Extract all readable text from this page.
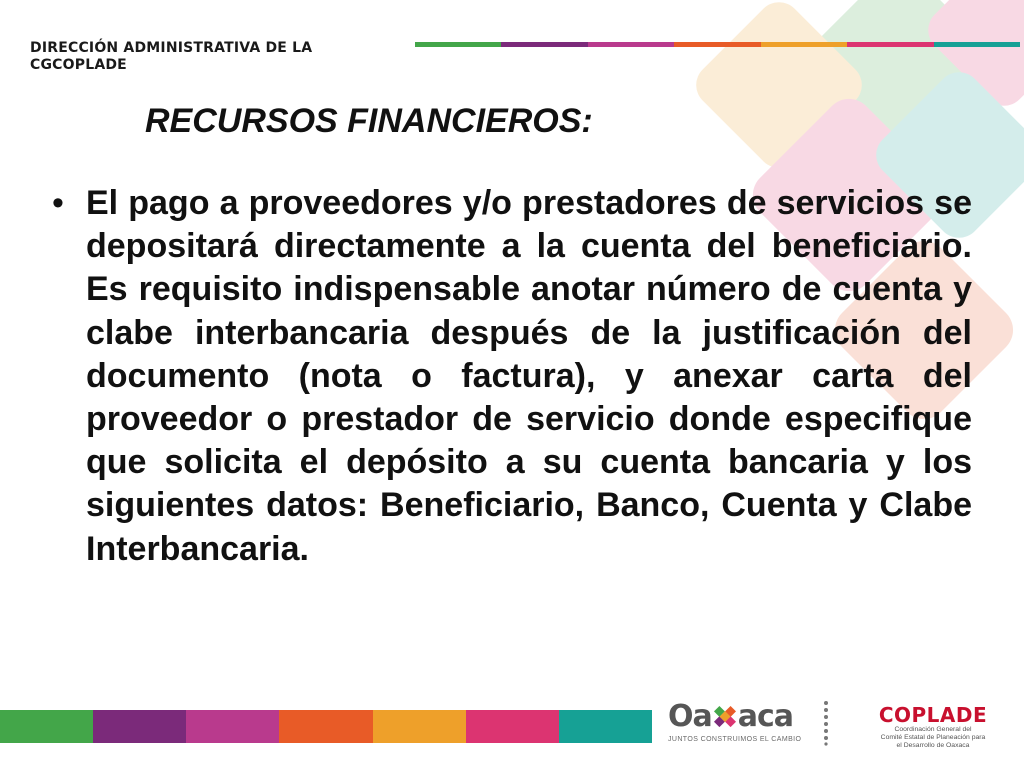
DIRECCIÓN ADMINISTRATIVA DE LA CGCOPLADE
RECURSOS FINANCIEROS:
• El pago a proveedores y/o prestadores de servicios se depositará directamente a la cuenta del beneficiario. Es requisito indispensable anotar número de cuenta y clabe interbancaria después de la justificación del documento (nota o factura), y anexar carta del proveedor o prestador de servicio donde especifique que solicita el depósito a su cuenta bancaria y los siguientes datos: Beneficiario, Banco, Cuenta y Clabe Interbancaria.

Oa aca
JUNTOS CONSTRUIMOS EL CAMBIO
COPLADE
Coordinación General del
Comité Estatal de Planeación para
el Desarrollo de Oaxaca
